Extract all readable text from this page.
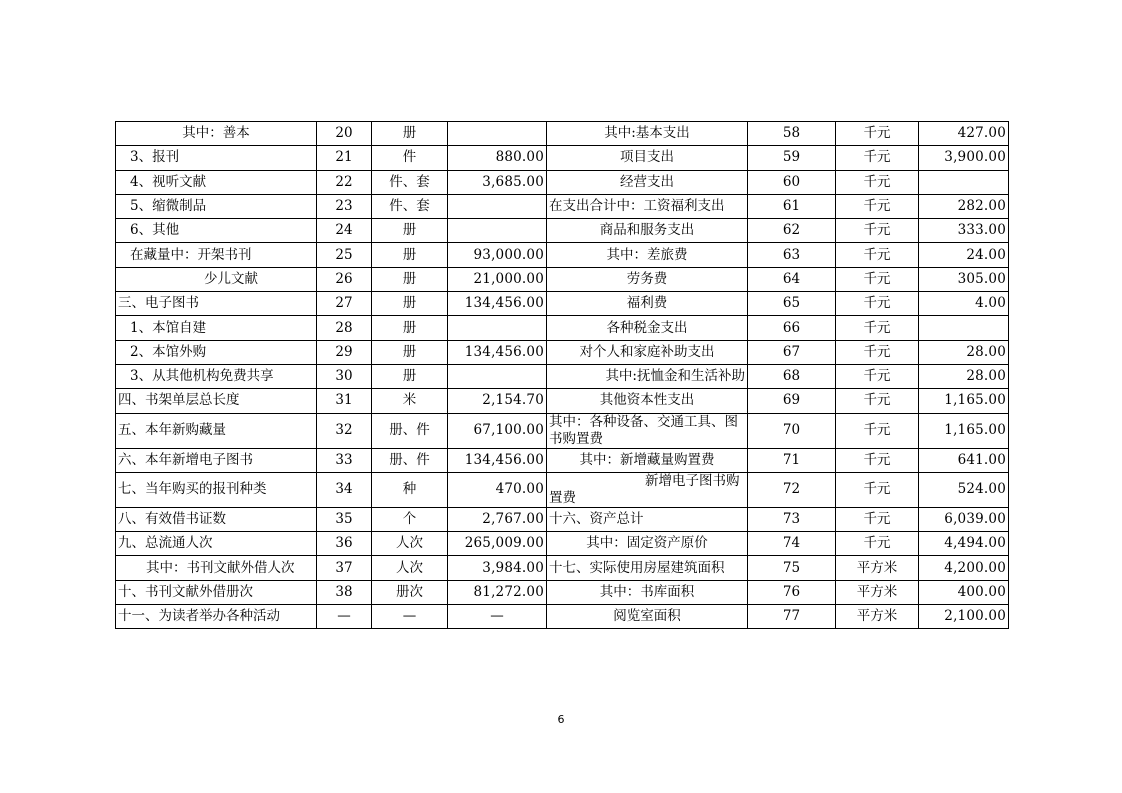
其中：善本	20	册		其中:基本支出	58	千元	427.00
3、报刊	21	件	880.00	项目支出	59	千元	3,900.00
4、视听文献	22	件、套	3,685.00	经营支出	60	千元	
5、缩微制品	23	件、套		在支出合计中：工资福利支出	61	千元	282.00
6、其他	24	册		商品和服务支出	62	千元	333.00
在藏量中：开架书刊	25	册	93,000.00	其中：差旅费	63	千元	24.00
少儿文献	26	册	21,000.00	劳务费	64	千元	305.00
三、电子图书	27	册	134,456.00	福利费	65	千元	4.00
1、本馆自建	28	册		各种税金支出	66	千元	
2、本馆外购	29	册	134,456.00	对个人和家庭补助支出	67	千元	28.00
3、从其他机构免费共享	30	册		其中:抚恤金和生活补助	68	千元	28.00
四、书架单层总长度	31	米	2,154.70	其他资本性支出	69	千元	1,165.00
五、本年新购藏量	32	册、件	67,100.00	其中：各种设备、交通工具、图书购置费	70	千元	1,165.00
六、本年新增电子图书	33	册、件	134,456.00	其中：新增藏量购置费	71	千元	641.00
七、当年购买的报刊种类	34	种	470.00	新增电子图书购置费	72	千元	524.00
八、有效借书证数	35	个	2,767.00	十六、资产总计	73	千元	6,039.00
九、总流通人次	36	人次	265,009.00	其中：固定资产原价	74	千元	4,494.00
其中：书刊文献外借人次	37	人次	3,984.00	十七、实际使用房屋建筑面积	75	平方米	4,200.00
十、书刊文献外借册次	38	册次	81,272.00	其中：书库面积	76	平方米	400.00
十一、为读者举办各种活动	—	—	—	阅览室面积	77	平方米	2,100.00
6
